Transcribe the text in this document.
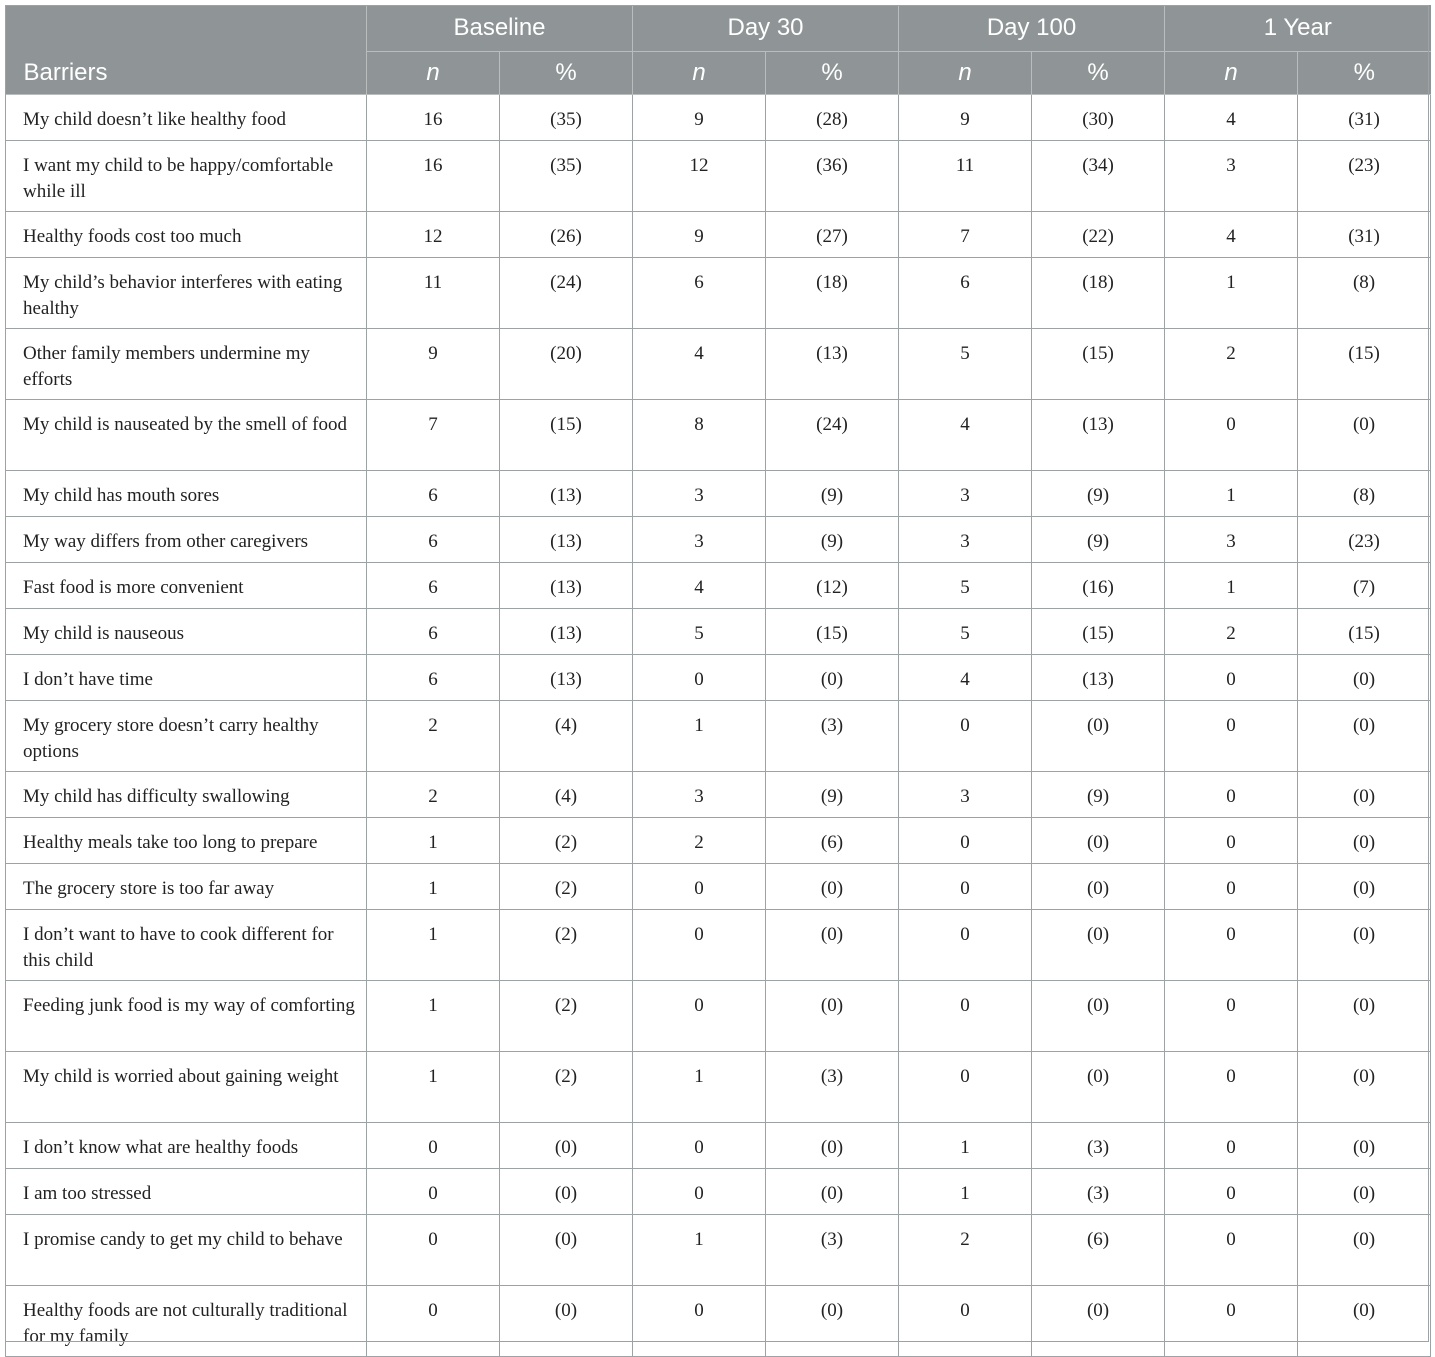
Barriers	Baseline		Day 30		Day 100		1 Year	
	n	%	n	%	n	%	n	%
My child doesn’t like healthy food	16	(35)	9	(28)	9	(30)	4	(31)
I want my child to be happy/comfortable while ill	16	(35)	12	(36)	11	(34)	3	(23)
Healthy foods cost too much	12	(26)	9	(27)	7	(22)	4	(31)
My child’s behavior interferes with eating healthy	11	(24)	6	(18)	6	(18)	1	(8)
Other family members undermine my efforts	9	(20)	4	(13)	5	(15)	2	(15)
My child is nauseated by the smell of food	7	(15)	8	(24)	4	(13)	0	(0)
My child has mouth sores	6	(13)	3	(9)	3	(9)	1	(8)
My way differs from other caregivers	6	(13)	3	(9)	3	(9)	3	(23)
Fast food is more convenient	6	(13)	4	(12)	5	(16)	1	(7)
My child is nauseous	6	(13)	5	(15)	5	(15)	2	(15)
I don’t have time	6	(13)	0	(0)	4	(13)	0	(0)
My grocery store doesn’t carry healthy options	2	(4)	1	(3)	0	(0)	0	(0)
My child has difficulty swallowing	2	(4)	3	(9)	3	(9)	0	(0)
Healthy meals take too long to prepare	1	(2)	2	(6)	0	(0)	0	(0)
The grocery store is too far away	1	(2)	0	(0)	0	(0)	0	(0)
I don’t want to have to cook different for this child	1	(2)	0	(0)	0	(0)	0	(0)
Feeding junk food is my way of comforting	1	(2)	0	(0)	0	(0)	0	(0)
My child is worried about gaining weight	1	(2)	1	(3)	0	(0)	0	(0)
I don’t know what are healthy foods	0	(0)	0	(0)	1	(3)	0	(0)
I am too stressed	0	(0)	0	(0)	1	(3)	0	(0)
I promise candy to get my child to behave	0	(0)	1	(3)	2	(6)	0	(0)
Healthy foods are not culturally traditional for my family	0	(0)	0	(0)	0	(0)	0	(0)
